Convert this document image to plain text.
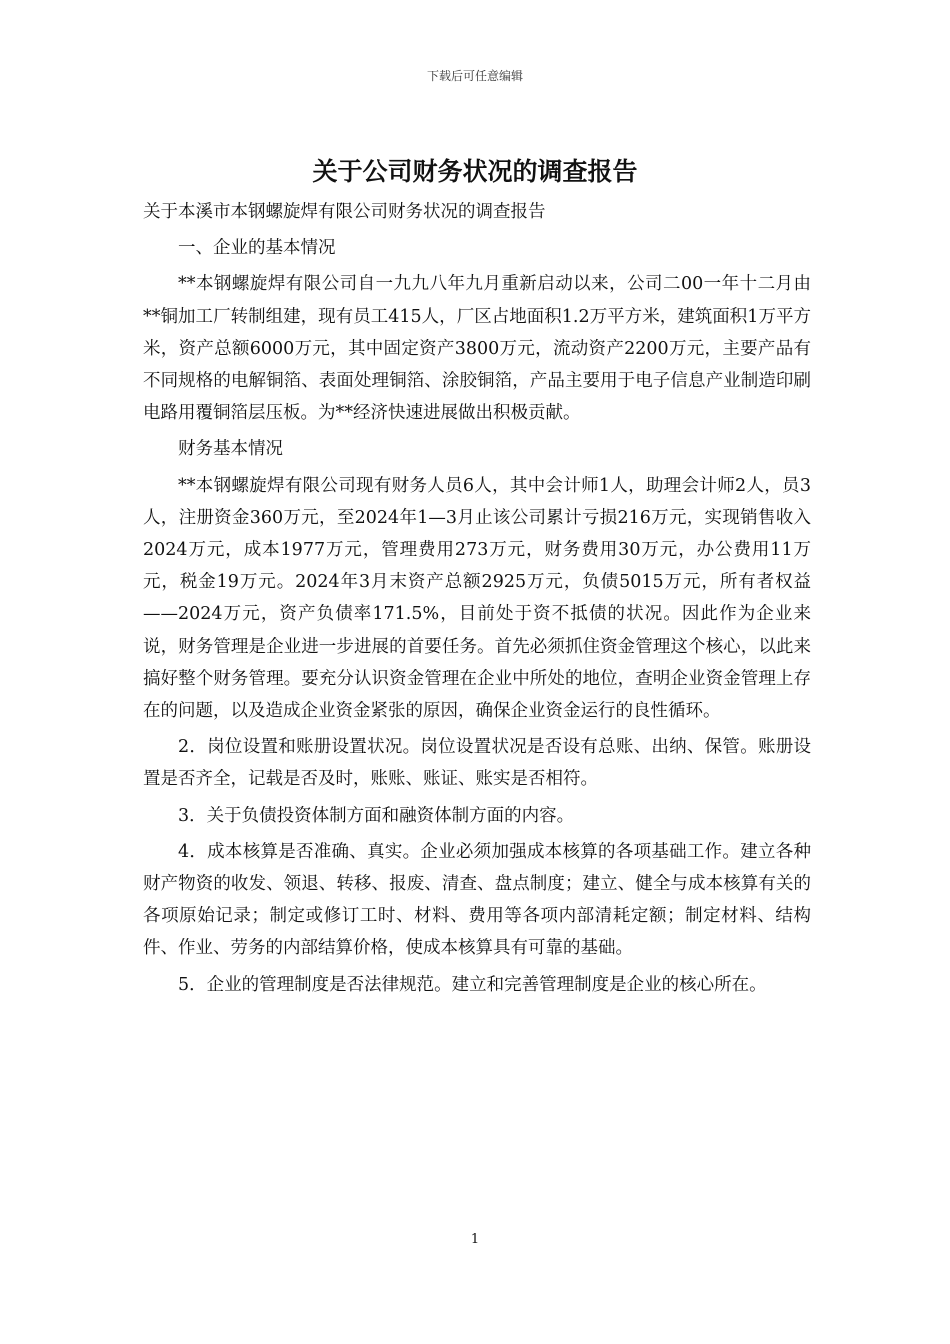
下载后可任意编辑
关于公司财务状况的调查报告

关于本溪市本钢螺旋焊有限公司财务状况的调查报告

一、企业的基本情况

**本钢螺旋焊有限公司自一九九八年九月重新启动以来，公司二00一年十二月由**铜加工厂转制组建，现有员工415人，厂区占地面积1.2万平方米，建筑面积1万平方米，资产总额6000万元，其中固定资产3800万元，流动资产2200万元，主要产品有不同规格的电解铜箔、表面处理铜箔、涂胶铜箔，产品主要用于电子信息产业制造印刷电路用覆铜箔层压板。为**经济快速进展做出积极贡献。

财务基本情况

**本钢螺旋焊有限公司现有财务人员6人，其中会计师1人，助理会计师2人，员3人，注册资金360万元，至2024年1—3月止该公司累计亏损216万元，实现销售收入2024万元，成本1977万元，管理费用273万元，财务费用30万元，办公费用11万元，税金19万元。2024年3月末资产总额2925万元，负债5015万元，所有者权益——2024万元，资产负债率171.5%，目前处于资不抵债的状况。因此作为企业来说，财务管理是企业进一步进展的首要任务。首先必须抓住资金管理这个核心，以此来搞好整个财务管理。要充分认识资金管理在企业中所处的地位，查明企业资金管理上存在的问题，以及造成企业资金紧张的原因，确保企业资金运行的良性循环。

2．岗位设置和账册设置状况。岗位设置状况是否设有总账、出纳、保管。账册设置是否齐全，记载是否及时，账账、账证、账实是否相符。

3．关于负债投资体制方面和融资体制方面的内容。

4．成本核算是否准确、真实。企业必须加强成本核算的各项基础工作。建立各种财产物资的收发、领退、转移、报废、清查、盘点制度；建立、健全与成本核算有关的各项原始记录；制定或修订工时、材料、费用等各项内部清耗定额；制定材料、结构件、作业、劳务的内部结算价格，使成本核算具有可靠的基础。

5．企业的管理制度是否法律规范。建立和完善管理制度是企业的核心所在。

1
